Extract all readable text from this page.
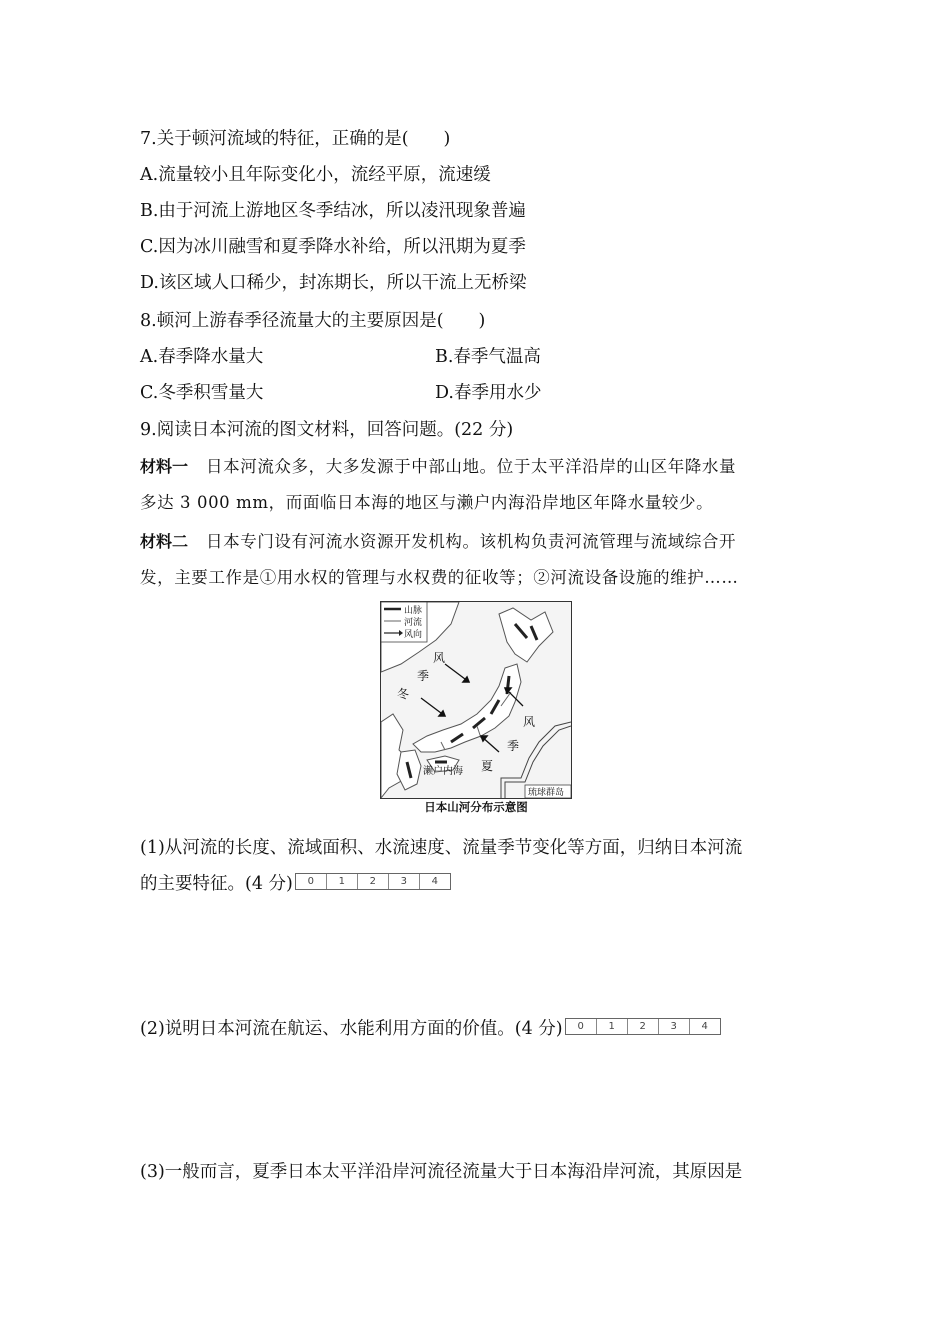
7.关于顿河流域的特征，正确的是(　　)
A.流量较小且年际变化小，流经平原，流速缓
B.由于河流上游地区冬季结冰，所以凌汛现象普遍
C.因为冰川融雪和夏季降水补给，所以汛期为夏季
D.该区域人口稀少，封冻期长，所以干流上无桥梁
8.顿河上游春季径流量大的主要原因是(　　)
A.春季降水量大	B.春季气温高
C.冬季积雪量大	D.春季用水少
9.阅读日本河流的图文材料，回答问题。(22 分)
材料一 日本河流众多，大多发源于中部山地。位于太平洋沿岸的山区年降水量
多达 3 000 mm，而面临日本海的地区与濑户内海沿岸地区年降水量较少。
材料二 日本专门设有河流水资源开发机构。该机构负责河流管理与流域综合开
发，主要工作是①用水权的管理与水权费的征收等；②河流设备设施的维护……
山脉
河流
风向
风
季
冬
风
季
夏
濑户内海
琉球群岛
日本山河分布示意图
(1)从河流的长度、流域面积、水流速度、流量季节变化等方面，归纳日本河流
的主要特征。(4 分)	0	1	2	3	4
(2)说明日本河流在航运、水能利用方面的价值。(4 分)	0	1	2	3	4
(3)一般而言，夏季日本太平洋沿岸河流径流量大于日本海沿岸河流，其原因是
